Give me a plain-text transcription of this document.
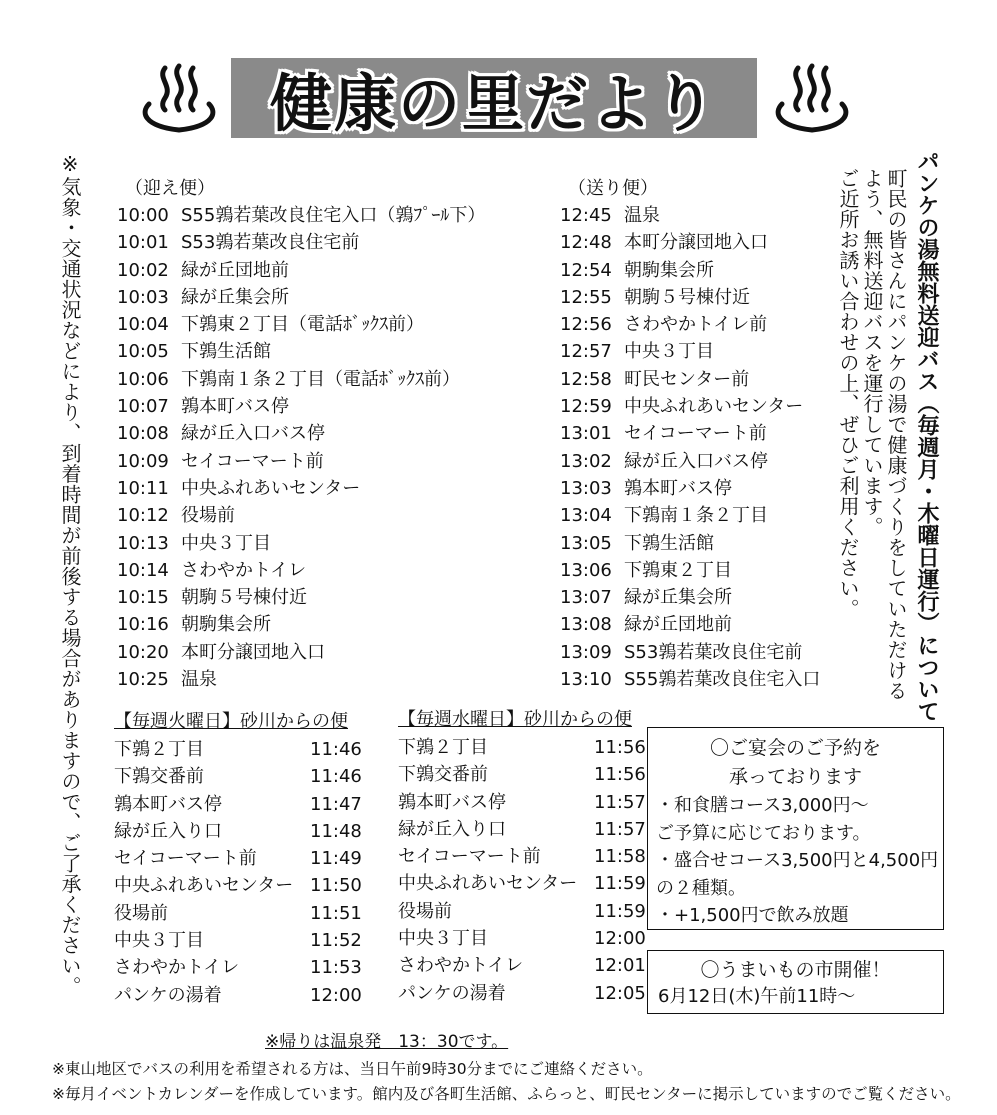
健康の里だより
※気象・交通状況などにより、到着時間が前後する場合がありますので、ご了承ください。	パンケの湯無料送迎バス（毎週月・木曜日運行）について
町民の皆さんにパンケの湯で健康づくりをしていただける
よう、無料送迎バスを運行しています。
ご近所お誘い合わせの上、ぜひご利用ください。
（迎え便）
10:00 S55鶉若葉改良住宅入口（鶉ﾌﾟｰﾙ下）
10:01 S53鶉若葉改良住宅前
10:02 緑が丘団地前
10:03 緑が丘集会所
10:04 下鶉東２丁目（電話ﾎﾞｯｸｽ前）
10:05 下鶉生活館
10:06 下鶉南１条２丁目（電話ﾎﾞｯｸｽ前）
10:07 鶉本町バス停
10:08 緑が丘入口バス停
10:09 セイコーマート前
10:11 中央ふれあいセンター
10:12 役場前
10:13 中央３丁目
10:14 さわやかトイレ
10:15 朝駒５号棟付近
10:16 朝駒集会所
10:20 本町分譲団地入口
10:25 温泉
（送り便）
12:45 温泉
12:48 本町分譲団地入口
12:54 朝駒集会所
12:55 朝駒５号棟付近
12:56 さわやかトイレ前
12:57 中央３丁目
12:58 町民センター前
12:59 中央ふれあいセンター
13:01 セイコーマート前
13:02 緑が丘入口バス停
13:03 鶉本町バス停
13:04 下鶉南１条２丁目
13:05 下鶉生活館
13:06 下鶉東２丁目
13:07 緑が丘集会所
13:08 緑が丘団地前
13:09 S53鶉若葉改良住宅前
13:10 S55鶉若葉改良住宅入口
【毎週火曜日】砂川からの便
下鶉２丁目	11:46
下鶉交番前	11:46
鶉本町バス停	11:47
緑が丘入り口	11:48
セイコーマート前	11:49
中央ふれあいセンター 11:50
役場前	11:51
中央３丁目	11:52
さわやかトイレ	11:53
パンケの湯着	12:00
【毎週水曜日】砂川からの便
下鶉２丁目	11:56
下鶉交番前	11:56
鶉本町バス停	11:57
緑が丘入り口	11:57
セイコーマート前	11:58
中央ふれあいセンター 11:59
役場前	11:59
中央３丁目	12:00
さわやかトイレ	12:01
パンケの湯着	12:05
〇ご宴会のご予約を
承っております
・和食膳コース3,000円～
ご予算に応じております。
・盛合せコース3,500円と4,500円
の２種類。
・+1,500円で飲み放題
〇うまいもの市開催！
6月12日(木)午前11時～
※帰りは温泉発　13：30です。
※東山地区でバスの利用を希望される方は、当日午前9時30分までにご連絡ください。
※毎月イベントカレンダーを作成しています。館内及び各町生活館、ふらっと、町民センターに掲示していますのでご覧ください。
